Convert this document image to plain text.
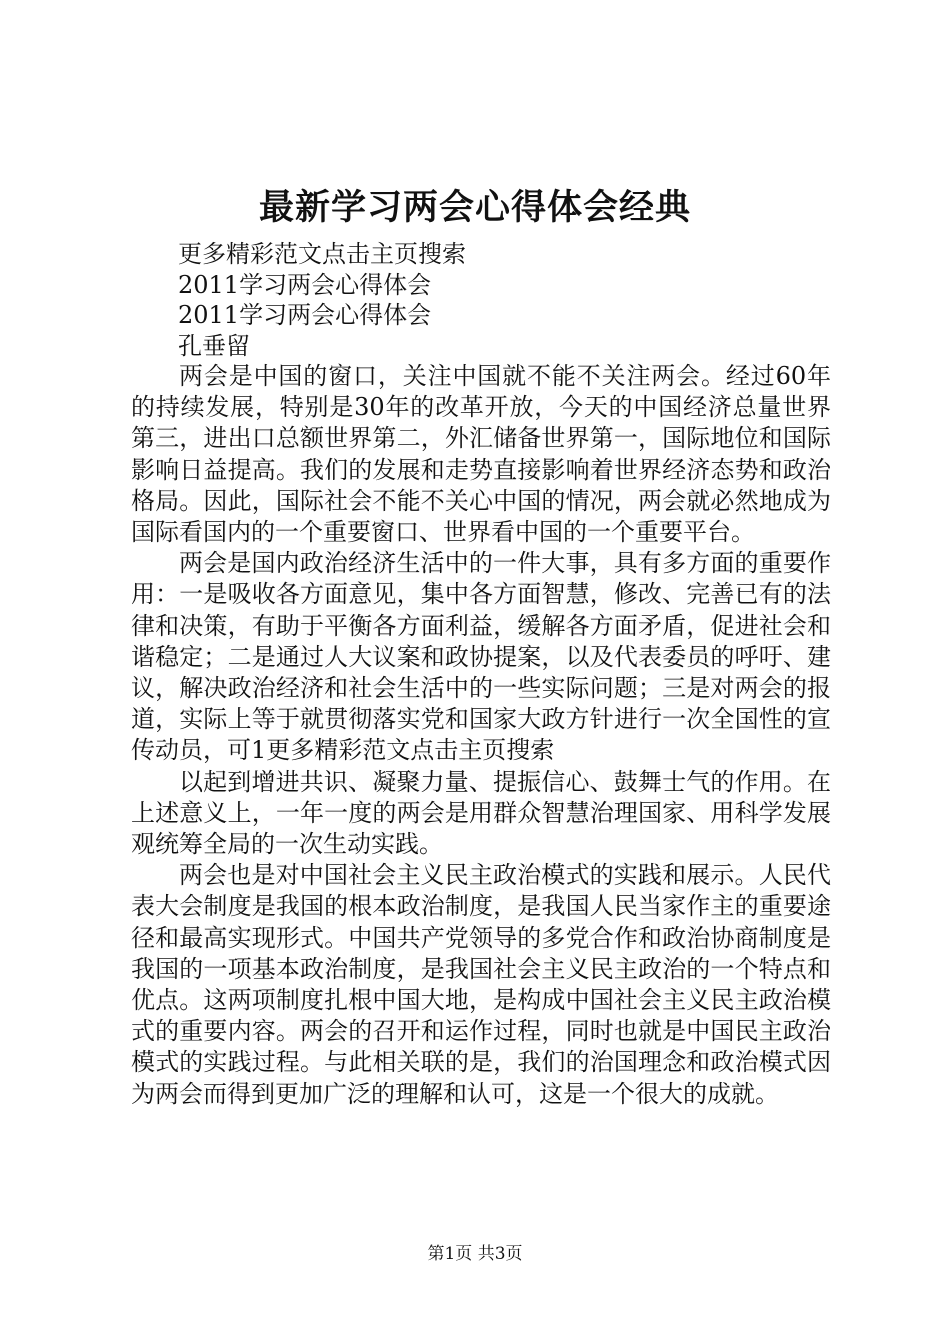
最新学习两会心得体会经典
更多精彩范文点击主页搜索
2011学习两会心得体会
2011学习两会心得体会
孔垂留

两会是中国的窗口，关注中国就不能不关注两会。经过60年的持续发展，特别是30年的改革开放，今天的中国经济总量世界第三，进出口总额世界第二，外汇储备世界第一，国际地位和国际影响日益提高。我们的发展和走势直接影响着世界经济态势和政治格局。因此，国际社会不能不关心中国的情况，两会就必然地成为国际看国内的一个重要窗口、世界看中国的一个重要平台。

两会是国内政治经济生活中的一件大事，具有多方面的重要作用：一是吸收各方面意见，集中各方面智慧，修改、完善已有的法律和决策，有助于平衡各方面利益，缓解各方面矛盾，促进社会和谐稳定；二是通过人大议案和政协提案，以及代表委员的呼吁、建议，解决政治经济和社会生活中的一些实际问题；三是对两会的报道，实际上等于就贯彻落实党和国家大政方针进行一次全国性的宣传动员，可1更多精彩范文点击主页搜索

以起到增进共识、凝聚力量、提振信心、鼓舞士气的作用。在上述意义上，一年一度的两会是用群众智慧治理国家、用科学发展观统筹全局的一次生动实践。

两会也是对中国社会主义民主政治模式的实践和展示。人民代表大会制度是我国的根本政治制度，是我国人民当家作主的重要途径和最高实现形式。中国共产党领导的多党合作和政治协商制度是我国的一项基本政治制度，是我国社会主义民主政治的一个特点和优点。这两项制度扎根中国大地，是构成中国社会主义民主政治模式的重要内容。两会的召开和运作过程，同时也就是中国民主政治模式的实践过程。与此相关联的是，我们的治国理念和政治模式因为两会而得到更加广泛的理解和认可，这是一个很大的成就。

第1页 共3页
